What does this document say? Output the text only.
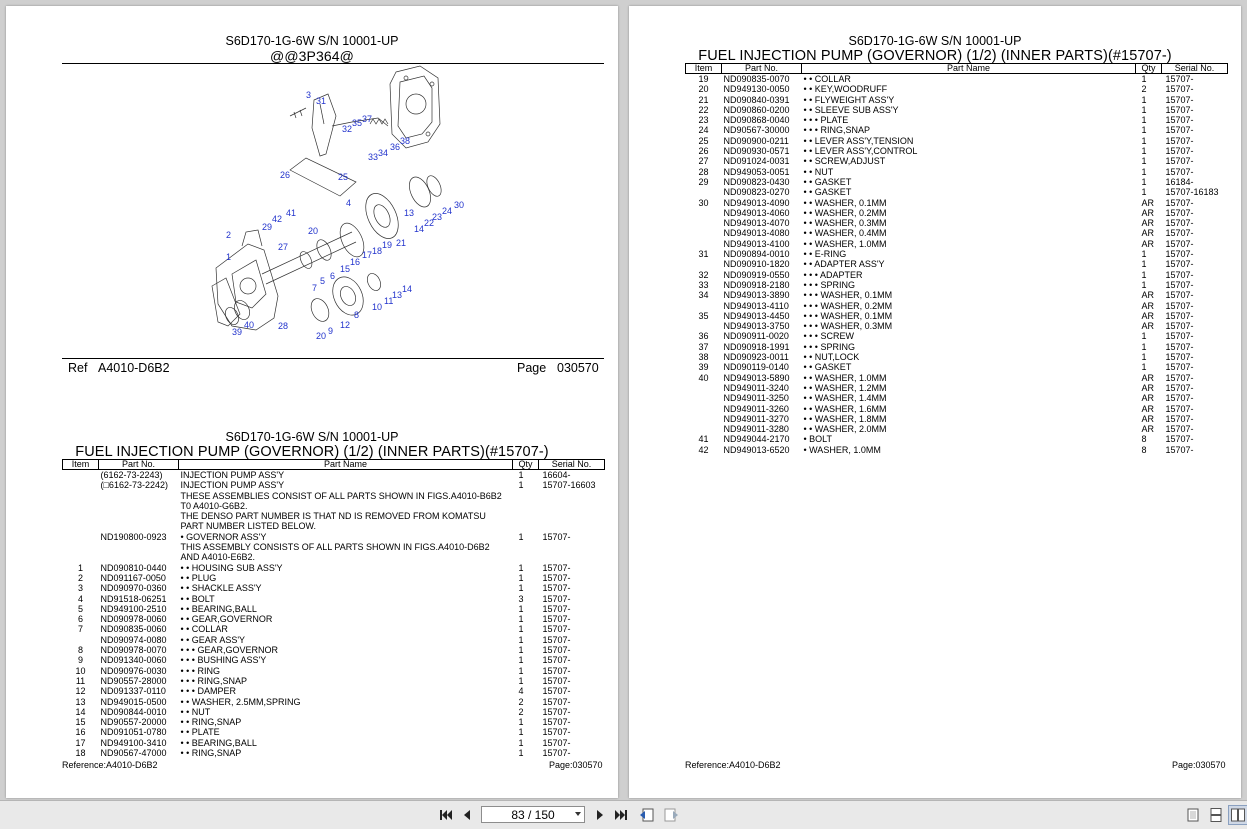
S6D170-1G-6W S/N 10001-UP
@@3P364@
3
31
32
35 37
33 34
36
38
26	25
4
41
42
20
2
29
1
27
5 6
16
15
17 18
19 21
13
14
22
23
24
30
7
11
10
9
8
12
28
20
40
39
13
14
Ref A4010-D6B2	Page 030570
S6D170-1G-6W S/N 10001-UP
FUEL INJECTION PUMP (GOVERNOR) (1/2) (INNER PARTS)(#15707-)
Item	Part No.	Part Name	Qty	Serial No.
	(6162-73-2243)	INJECTION PUMP ASS'Y	1	16604-
	(□6162-73-2242)	INJECTION PUMP ASS'Y	1	15707-16603
		THESE ASSEMBLIES CONSIST OF ALL PARTS SHOWN IN FIGS.A4010-B6B2		
		T0 A4010-G6B2.		
		THE DENSO PART NUMBER IS THAT ND IS REMOVED FROM KOMATSU		
		PART NUMBER LISTED BELOW.		
	ND190800-0923	• GOVERNOR ASS'Y	1	15707-
		THIS ASSEMBLY CONSISTS OF ALL PARTS SHOWN IN FIGS.A4010-D6B2		
		AND A4010-E6B2.		
1	ND090810-0440	• • HOUSING SUB ASS'Y	1	15707-
2	ND091167-0050	• • PLUG	1	15707-
3	ND090970-0360	• • SHACKLE ASS'Y	1	15707-
4	ND91518-06251	• • BOLT	3	15707-
5	ND949100-2510	• • BEARING,BALL	1	15707-
6	ND090978-0060	• • GEAR,GOVERNOR	1	15707-
7	ND090835-0060	• • COLLAR	1	15707-
	ND090974-0080	• • GEAR ASS'Y	1	15707-
8	ND090978-0070	• • • GEAR,GOVERNOR	1	15707-
9	ND091340-0060	• • • BUSHING ASS'Y	1	15707-
10	ND090976-0030	• • • RING	1	15707-
11	ND90557-28000	• • • RING,SNAP	1	15707-
12	ND091337-0110	• • • DAMPER	4	15707-
13	ND949015-0500	• • WASHER, 2.5MM,SPRING	2	15707-
14	ND090844-0010	• • NUT	2	15707-
15	ND90557-20000	• • RING,SNAP	1	15707-
16	ND091051-0780	• • PLATE	1	15707-
17	ND949100-3410	• • BEARING,BALL	1	15707-
18	ND90567-47000	• • RING,SNAP	1	15707-
Reference:A4010-D6B2	Page:030570
S6D170-1G-6W S/N 10001-UP
FUEL INJECTION PUMP (GOVERNOR) (1/2) (INNER PARTS)(#15707-)
Item	Part No.	Part Name	Qty	Serial No.
19	ND090835-0070	• • COLLAR	1	15707-
20	ND949130-0050	• • KEY,WOODRUFF	2	15707-
21	ND090840-0391	• • FLYWEIGHT ASS'Y	1	15707-
22	ND090860-0200	• • SLEEVE SUB ASS'Y	1	15707-
23	ND090868-0040	• • • PLATE	1	15707-
24	ND90567-30000	• • • RING,SNAP	1	15707-
25	ND090900-0211	• • LEVER ASS'Y,TENSION	1	15707-
26	ND090930-0571	• • LEVER ASS'Y,CONTROL	1	15707-
27	ND091024-0031	• • SCREW,ADJUST	1	15707-
28	ND949053-0051	• • NUT	1	15707-
29	ND090823-0430	• • GASKET	1	16184-
	ND090823-0270	• • GASKET	1	15707-16183
30	ND949013-4090	• • WASHER, 0.1MM	AR	15707-
	ND949013-4060	• • WASHER, 0.2MM	AR	15707-
	ND949013-4070	• • WASHER, 0.3MM	AR	15707-
	ND949013-4080	• • WASHER, 0.4MM	AR	15707-
	ND949013-4100	• • WASHER, 1.0MM	AR	15707-
31	ND090894-0010	• • E-RING	1	15707-
	ND090910-1820	• • ADAPTER ASS'Y	1	15707-
32	ND090919-0550	• • • ADAPTER	1	15707-
33	ND090918-2180	• • • SPRING	1	15707-
34	ND949013-3890	• • • WASHER, 0.1MM	AR	15707-
	ND949013-4110	• • • WASHER, 0.2MM	AR	15707-
35	ND949013-4450	• • • WASHER, 0.1MM	AR	15707-
	ND949013-3750	• • • WASHER, 0.3MM	AR	15707-
36	ND090911-0020	• • • SCREW	1	15707-
37	ND090918-1991	• • • SPRING	1	15707-
38	ND090923-0011	• • NUT,LOCK	1	15707-
39	ND090119-0140	• • GASKET	1	15707-
40	ND949013-5890	• • WASHER, 1.0MM	AR	15707-
	ND949011-3240	• • WASHER, 1.2MM	AR	15707-
	ND949011-3250	• • WASHER, 1.4MM	AR	15707-
	ND949011-3260	• • WASHER, 1.6MM	AR	15707-
	ND949011-3270	• • WASHER, 1.8MM	AR	15707-
	ND949011-3280	• • WASHER, 2.0MM	AR	15707-
41	ND949044-2170	• BOLT	8	15707-
42	ND949013-6520	• WASHER, 1.0MM	8	15707-
Reference:A4010-D6B2	Page:030570
83 / 150
